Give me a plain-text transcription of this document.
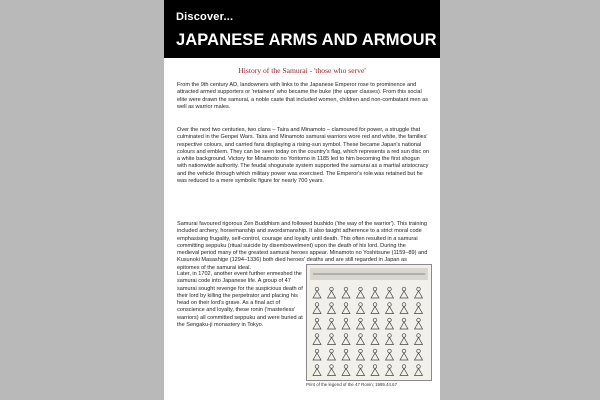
Discover...
JAPANESE ARMS AND ARMOUR
History of the Samurai - 'those who serve'

From the 9th century AD, landowners with links to the Japanese Emperor rose to prominence and attracted armed supporters or 'retainers' who became the buke (the upper classes). From this social elite were drawn the samurai, a noble caste that included women, children and non-combatant men as well as warrior males.

Over the next two centuries, two clans – Taira and Minamoto – clamoured for power, a struggle that culminated in the Genpei Wars. Taira and Minamoto samurai warriors wore red and white, the families' respective colours, and carried fans displaying a rising-sun symbol. These became Japan's national colours and emblem. They can be seen today on the country's flag, which represents a red sun disc on a white background. Victory for Minamoto no Yoritomo in 1185 led to him becoming the first shogun with nationwide authority. The feudal shogunate system supported the samurai as a martial aristocracy and the vehicle through which military power was exercised. The Emperor's role was retained but he was reduced to a mere symbolic figure for nearly 700 years.

Samurai favoured rigorous Zen Buddhism and followed bushido ('the way of the warrior'). This training included archery, horsemanship and swordsmanship. It also taught adherence to a strict moral code emphasising frugality, self-control, courage and loyalty until death. This often resulted in a samurai committing seppuku (ritual suicide by disembowelment) upon the death of his lord. During the medieval period many of the greatest samurai heroes appear. Minamoto no Yoshitsune (1159–89) and Kusunoki Masashige (1294–1336) both died heroes' deaths and are still regarded in Japan as epitomes of the samurai ideal.

Later, in 1702, another event further enmeshed the samurai code into Japanese life. A group of 47 samurai sought revenge for the suspicious death of their lord by killing the perpetrator and placing his head on their lord's grave. As a final act of conscience and loyalty, these ronin ('masterless' warriors) all committed seppuku and were buried at the Sengaku-ji monastery in Tokyo.

Print of the legend of the 47 Ronin; 1989.44.67
